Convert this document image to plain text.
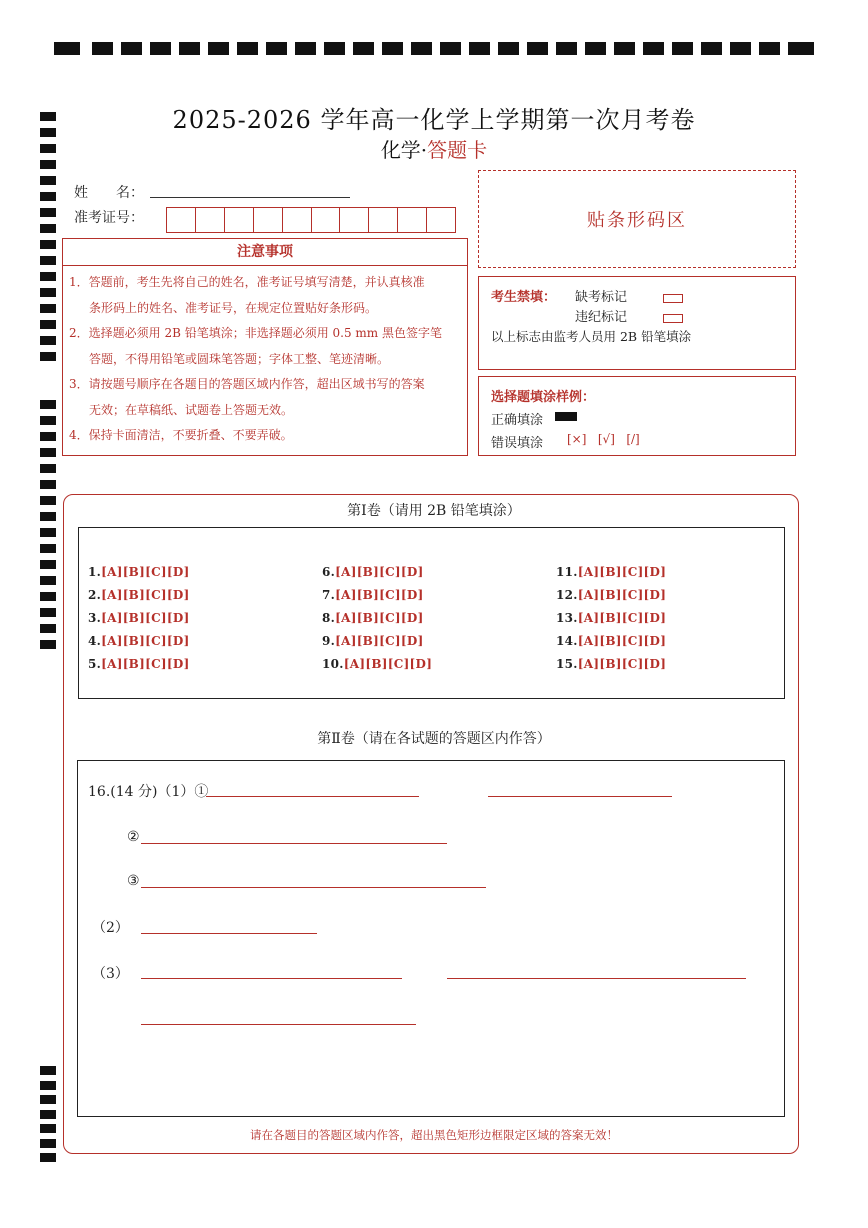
2025-2026 学年高一化学上学期第一次月考卷
化学·答题卡
姓　　名：
准考证号：	贴条形码区
注意事项
1．答题前，考生先将自己的姓名，准考证号填写清楚，并认真核准
条形码上的姓名、准考证号，在规定位置贴好条形码。
2．选择题必须用 2B 铅笔填涂；非选择题必须用 0.5 mm 黑色签字笔
答题，不得用铅笔或圆珠笔答题；字体工整、笔迹清晰。
3．请按题号顺序在各题目的答题区域内作答，超出区域书写的答案
无效；在草稿纸、试题卷上答题无效。
4．保持卡面清洁，不要折叠、不要弄破。
考生禁填： 缺考标记
违纪标记
以上标志由监考人员用 2B 铅笔填涂
选择题填涂样例：
正确填涂
错误填涂 [×]   [√]   [/]
第Ⅰ卷（请用 2B 铅笔填涂）
1.[A][B][C][D]
2.[A][B][C][D]
3.[A][B][C][D]
4.[A][B][C][D]
5.[A][B][C][D]
6.[A][B][C][D]
7.[A][B][C][D]
8.[A][B][C][D]
9.[A][B][C][D]
10.[A][B][C][D]
11.[A][B][C][D]
12.[A][B][C][D]
13.[A][B][C][D]
14.[A][B][C][D]
15.[A][B][C][D]
第Ⅱ卷（请在各试题的答题区内作答）
16.(14 分)（1）①
②
③
（2）
（3）
请在各题目的答题区域内作答，超出黑色矩形边框限定区域的答案无效！
